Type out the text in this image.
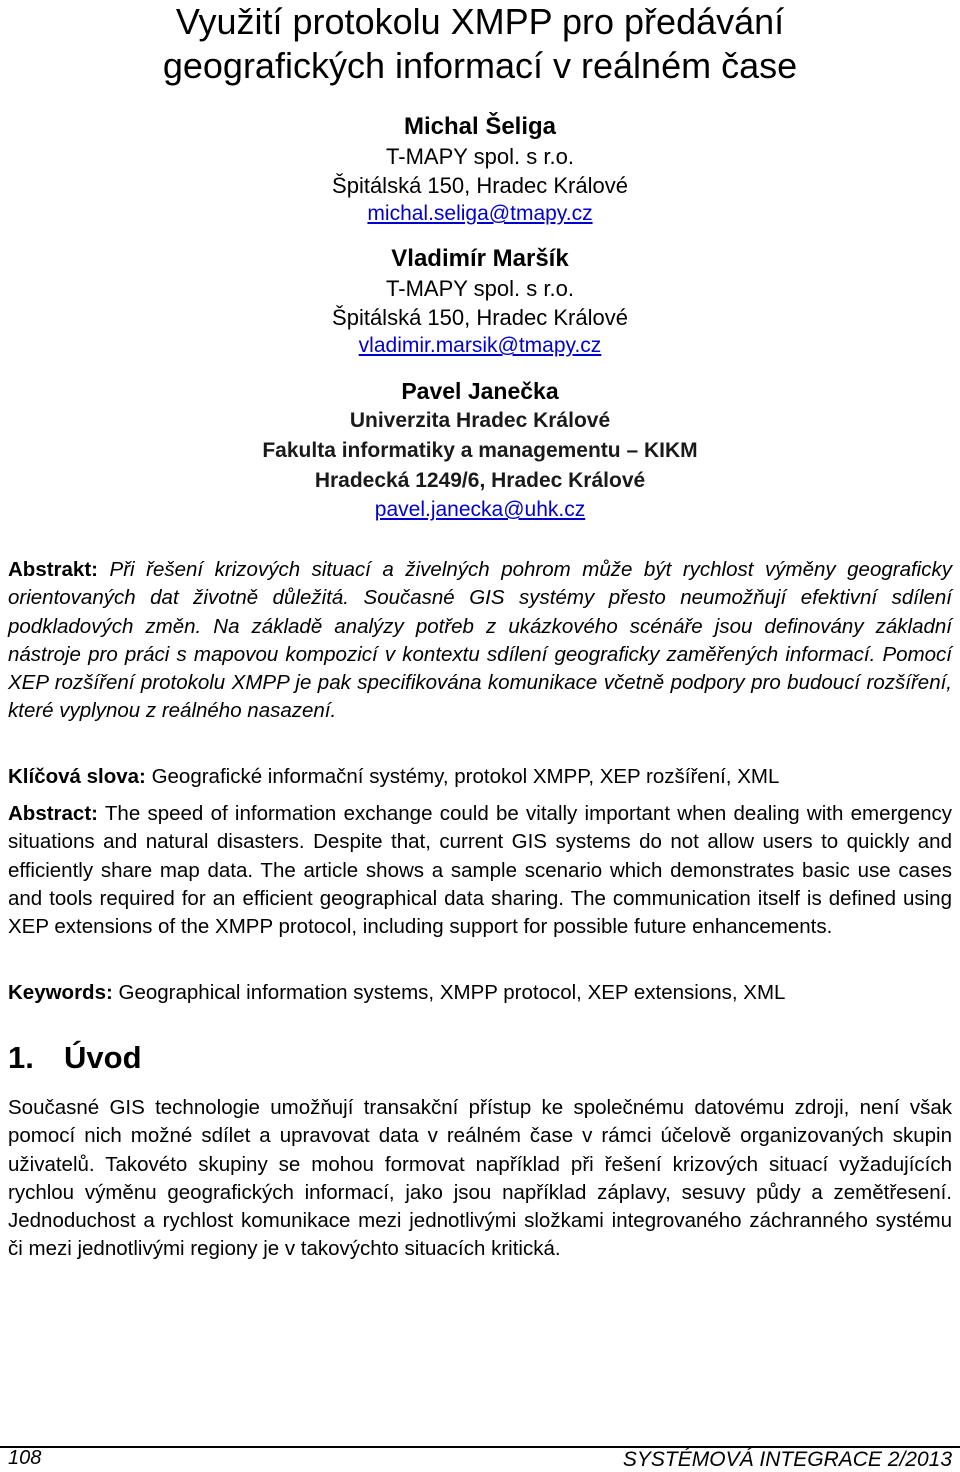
Využití protokolu XMPP pro předávání geografických informací v reálném čase
Michal Šeliga
T-MAPY spol. s r.o.
Špitálská 150, Hradec Králové
michal.seliga@tmapy.cz
Vladimír Maršík
T-MAPY spol. s r.o.
Špitálská 150, Hradec Králové
vladimir.marsik@tmapy.cz
Pavel Janečka
Univerzita Hradec Králové
Fakulta informatiky a managementu – KIKM
Hradecká 1249/6, Hradec Králové
pavel.janecka@uhk.cz

Abstrakt: Při řešení krizových situací a živelných pohrom může být rychlost výměny geograficky orientovaných dat životně důležitá. Současné GIS systémy přesto neumožňují efektivní sdílení podkladových změn. Na základě analýzy potřeb z ukázkového scénáře jsou definovány základní nástroje pro práci s mapovou kompozicí v kontextu sdílení geograficky zaměřených informací. Pomocí XEP rozšíření protokolu XMPP je pak specifikována komunikace včetně podpory pro budoucí rozšíření, které vyplynou z reálného nasazení.

Klíčová slova: Geografické informační systémy, protokol XMPP, XEP rozšíření, XML

Abstract: The speed of information exchange could be vitally important when dealing with emergency situations and natural disasters. Despite that, current GIS systems do not allow users to quickly and efficiently share map data. The article shows a sample scenario which demonstrates basic use cases and tools required for an efficient geographical data sharing. The communication itself is defined using XEP extensions of the XMPP protocol, including support for possible future enhancements.

Keywords: Geographical information systems, XMPP protocol, XEP extensions, XML

1. Úvod

Současné GIS technologie umožňují transakční přístup ke společnému datovému zdroji, není však pomocí nich možné sdílet a upravovat data v reálném čase v rámci účelově organizovaných skupin uživatelů. Takovéto skupiny se mohou formovat například při řešení krizových situací vyžadujících rychlou výměnu geografických informací, jako jsou například záplavy, sesuvy půdy a zemětřesení. Jednoduchost a rychlost komunikace mezi jednotlivými složkami integrovaného záchranného systému či mezi jednotlivými regiony je v takovýchto situacích kritická.

108	SYSTÉMOVÁ INTEGRACE 2/2013
